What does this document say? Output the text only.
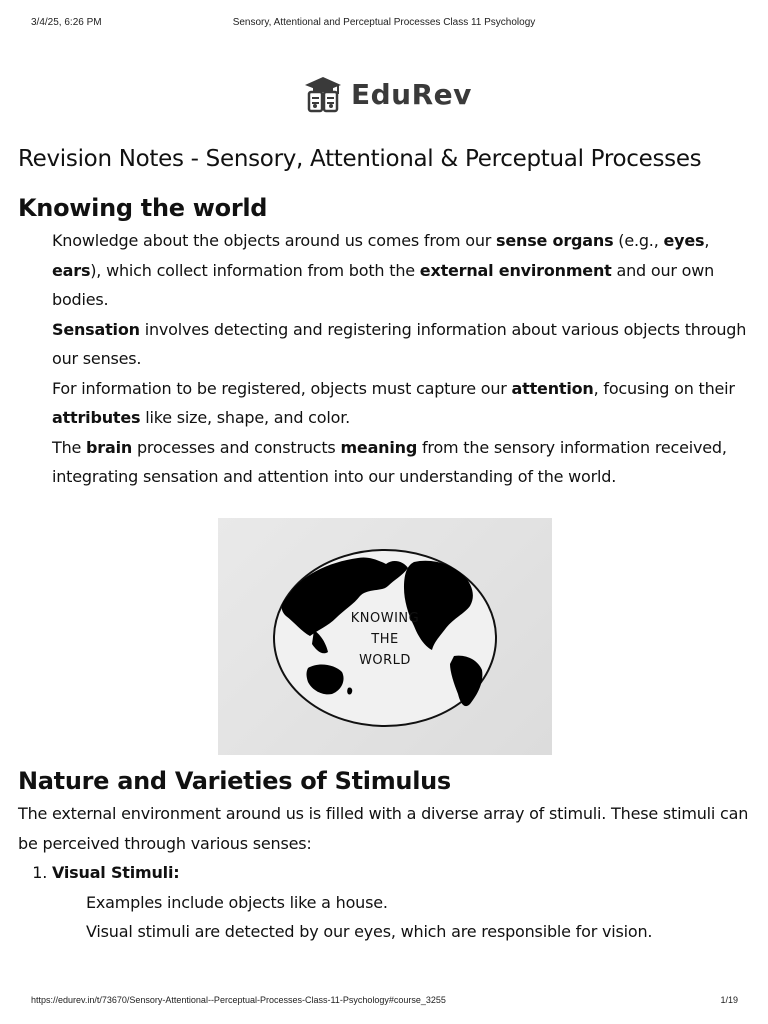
3/4/25, 6:26 PM	Sensory, Attentional and Perceptual Processes Class 11 Psychology
EduRev
Revision Notes - Sensory, Attentional & Perceptual Processes
Knowing the world

Knowledge about the objects around us comes from our sense organs (e.g., eyes, ears), which collect information from both the external environment and our own bodies.

Sensation involves detecting and registering information about various objects through our senses.

For information to be registered, objects must capture our attention, focusing on their attributes like size, shape, and color.

The brain processes and constructs meaning from the sensory information received, integrating sensation and attention into our understanding of the world.

KNOWING
THE
WORLD
Nature and Varieties of Stimulus

The external environment around us is filled with a diverse array of stimuli. These stimuli can be perceived through various senses:

1. Visual Stimuli:
Examples include objects like a house.
Visual stimuli are detected by our eyes, which are responsible for vision.
https://edurev.in/t/73670/Sensory-Attentional--Perceptual-Processes-Class-11-Psychology#course_3255	1/19
